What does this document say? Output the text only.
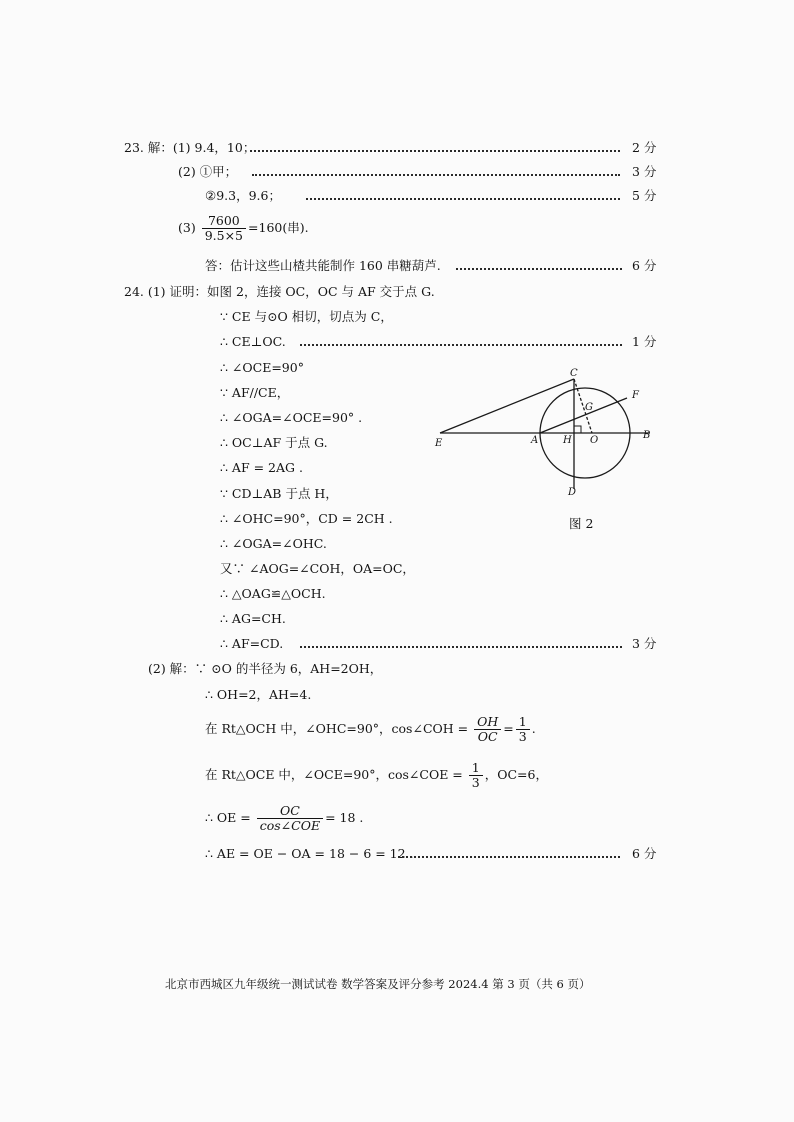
23. 解：(1) 9.4，10；	2 分
(2) ①甲；	3 分
②9.3，9.6；	5 分
$(3) \frac{7600}{9.5\times 5} =160$(串).
答：估计这些山楂共能制作 160 串糖葫芦.	6 分
24. (1) 证明：如图 2，连接 OC，OC 与 AF 交于点 G.
∵ CE 与⊙O 相切，切点为 C，
∴ CE⊥OC.	1 分
∴ ∠OCE=90°
∵ AF//CE，
∴ ∠OGA=∠OCE=90° .
∴ OC⊥AF 于点 G.
∴ AF = 2AG .
∵ CD⊥AB 于点 H，
∴ ∠OHC=90°，CD = 2CH .
∴ ∠OGA=∠OHC.
又∵ ∠AOG=∠COH，OA=OC，
∴ △OAG≌△OCH.
∴ AG=CH.
∴ AF=CD.	3 分
C
F
G
E	A H O	B
D
图 2
(2) 解：∵ ⊙O 的半径为 6，AH=2OH，
∴ OH=2，AH=4.
在 Rt△OCH 中，∠OHC=90°，cos∠COH = $\frac{OH}{OC} = \frac{1}{3}$ .
在 Rt△OCE 中，∠OCE=90°，cos∠COE = $\frac{1}{3}$ ，OC=6，
∴ OE = $\frac{OC}{\text{cos∠COE}} = 18$ .
∴ AE = OE − OA = 18 − 6 = 12 .	6 分
北京市西城区九年级统一测试试卷 数学答案及评分参考 2024.4 第 3 页（共 6 页）
